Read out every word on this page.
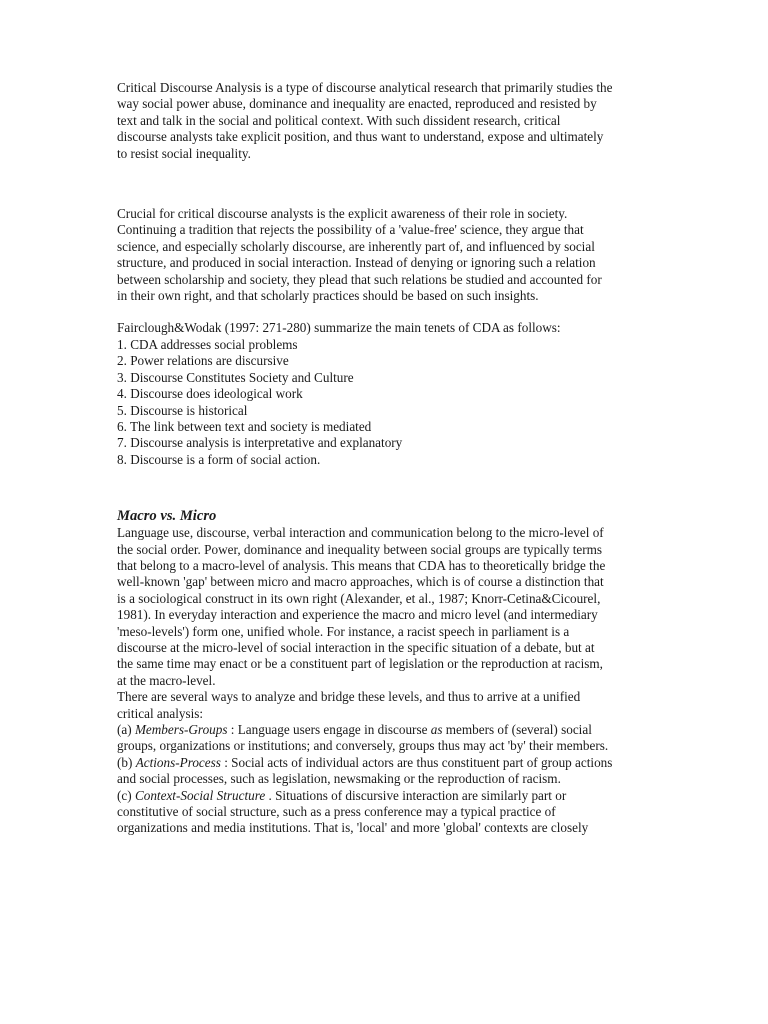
Critical Discourse Analysis is a type of discourse analytical research that primarily studies the way social power abuse, dominance and inequality are enacted, reproduced and resisted by text and talk in the social and political context. With such dissident research, critical discourse analysts take explicit position, and thus want to understand, expose and ultimately to resist social inequality.

Crucial for critical discourse analysts is the explicit awareness of their role in society. Continuing a tradition that rejects the possibility of a 'value-free' science, they argue that science, and especially scholarly discourse, are inherently part of, and influenced by social structure, and produced in social interaction. Instead of denying or ignoring such a relation between scholarship and society, they plead that such relations be studied and accounted for in their own right, and that scholarly practices should be based on such insights.

Fairclough&Wodak (1997: 271-280) summarize the main tenets of CDA as follows:

1. CDA addresses social problems
2. Power relations are discursive
3. Discourse Constitutes Society and Culture
4. Discourse does ideological work
5. Discourse is historical
6. The link between text and society is mediated
7. Discourse analysis is interpretative and explanatory
8. Discourse is a form of social action.

Macro vs. Micro

Language use, discourse, verbal interaction and communication belong to the micro-level of the social order. Power, dominance and inequality between social groups are typically terms that belong to a macro-level of analysis. This means that CDA has to theoretically bridge the well-known 'gap' between micro and macro approaches, which is of course a distinction that is a sociological construct in its own right (Alexander, et al., 1987; Knorr-Cetina&Cicourel, 1981). In everyday interaction and experience the macro and micro level (and intermediary 'meso-levels') form one, unified whole. For instance, a racist speech in parliament is a discourse at the micro-level of social interaction in the specific situation of a debate, but at the same time may enact or be a constituent part of legislation or the reproduction at racism, at the macro-level.

There are several ways to analyze and bridge these levels, and thus to arrive at a unified critical analysis:

(a) Members-Groups : Language users engage in discourse as members of (several) social groups, organizations or institutions; and conversely, groups thus may act 'by' their members.

(b) Actions-Process : Social acts of individual actors are thus constituent part of group actions and social processes, such as legislation, newsmaking or the reproduction of racism.

(c) Context-Social Structure . Situations of discursive interaction are similarly part or constitutive of social structure, such as a press conference may a typical practice of organizations and media institutions. That is, 'local' and more 'global' contexts are closely
